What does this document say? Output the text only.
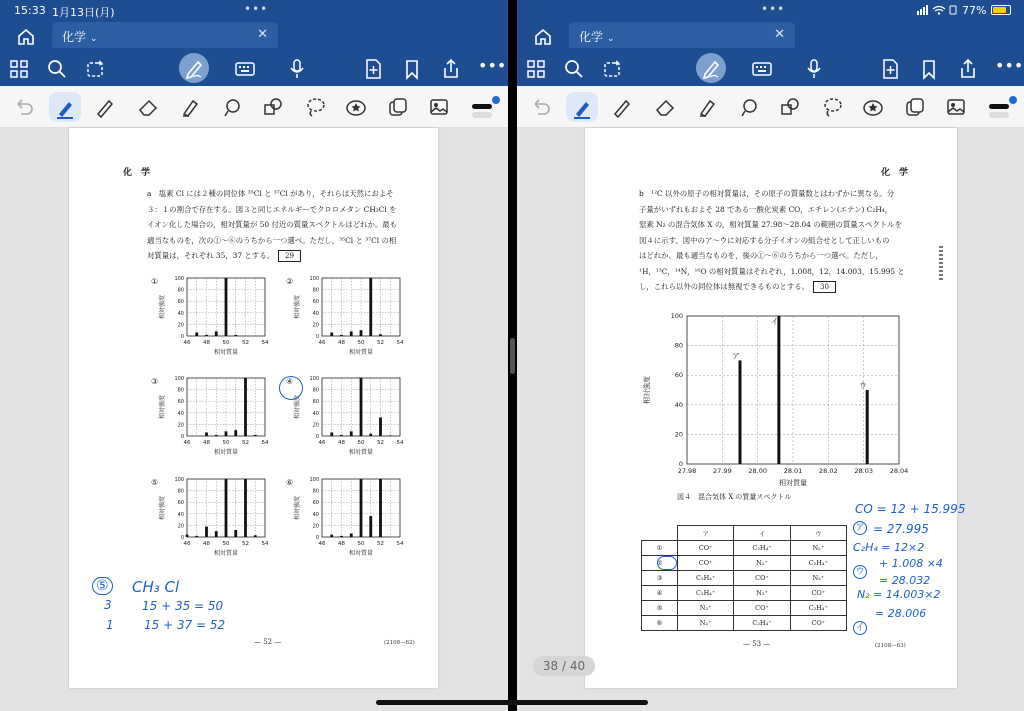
15:33 1月13日(月)	•••
化学 ⌄	✕
•••
化　学
a　塩素 Cl には２種の同位体 ³⁵Cl と ³⁷Cl があり，それらは天然におよそ
３：１の割合で存在する。図３と同じエネルギーでクロロメタン CH₃Cl を
イオン化した場合の，相対質量が 50 付近の質量スペクトルはどれか。最も
適当なものを，次の①～⑥のうちから一つ選べ。ただし，³⁵Cl と ³⁷Cl の相
対質量は，それぞれ 35，37 とする。 29
①	100
80
60
40
20
0
46 48 50 52 54
相対質量
相対強度
②	100
80
60
40
20
0
46 48 50 52 54
相対質量
相対強度
③	100
80
60
40
20
0
46 48 50 52 54
相対質量
相対強度
④	100
80
60
40
20
0
46 48 50 52 54
相対質量
相対強度
⑤	100
80
60
40
20
0
46 48 50 52 54
相対質量
相対強度
⑥	100
80
60
40
20
0
46 48 50 52 54
相対質量
相対強度
— 52 —	(2108—62)
⑤ CH₃ Cl
3	15 + 35 = 50
1	15 + 37 = 52
•••	77%
化学 ⌄	✕
•••
化　学
b　¹²C 以外の原子の相対質量は，その原子の質量数とはわずかに異なる。分
子量がいずれもおよそ 28 である一酸化炭素 CO，エチレン(エテン) C₂H₄，
窒素 N₂ の混合気体 X の，相対質量 27.98～28.04 の範囲の質量スペクトルを
図４に示す。図中のア～ウに対応する分子イオンの組合せとして正しいもの
はどれか。最も適当なものを，後の①～⑥のうちから一つ選べ。ただし，
¹H，¹³C，¹⁴N，¹⁶O の相対質量はそれぞれ，1.008，12，14.003，15.995 と
し，これら以外の同位体は無視できるものとする。 30
27.98	27.99	28.00	28.01	28.02	28.03	28.04
100
80
60
40
20
0
相対質量
相対強度
ア
イ
ウ
図４　混合気体 X の質量スペクトル
	ア	イ	ウ
①	CO⁺	C₂H₄⁺	N₂⁺
②	CO⁺	N₂⁺	C₂H₄⁺
③	C₂H₄⁺	CO⁺	N₂⁺
④	C₂H₄⁺	N₂⁺	CO⁺
⑤	N₂⁺	CO⁺	C₂H₄⁺
⑥	N₂⁺	C₂H₄⁺	CO⁺
— 53 —	(2108—63)
CO = 12 + 15.995
ア = 27.995
C₂H₄ = 12×2
+ 1.008 ×4
ウ
= 28.032
N₂ = 14.003×2
= 28.006
イ
38 / 40
